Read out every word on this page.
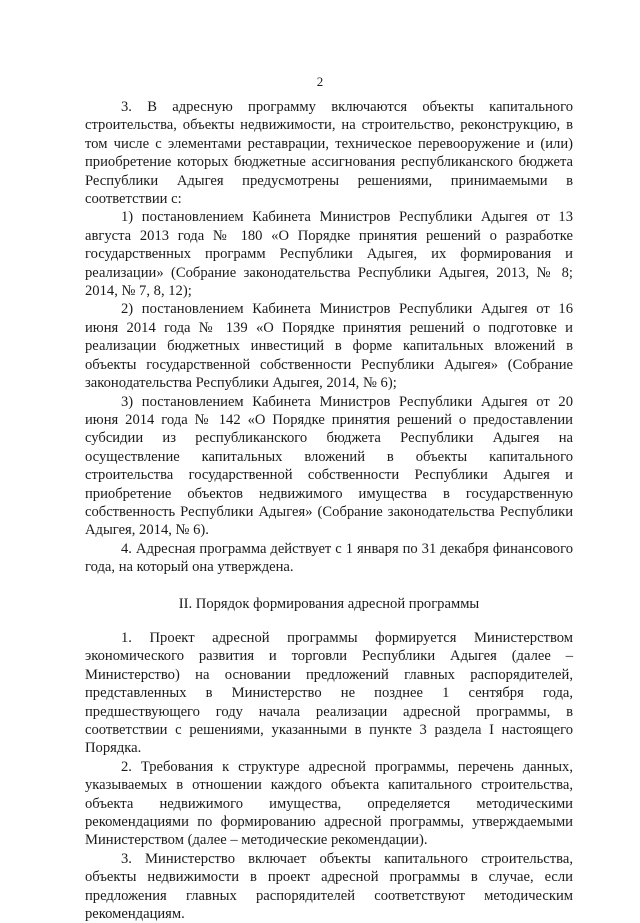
2

3. В адресную программу включаются объекты капитального строительства, объекты недвижимости, на строительство, реконструкцию, в том числе с элементами реставрации, техническое перевооружение и (или) приобретение которых бюджетные ассигнования республиканского бюджета Республики Адыгея предусмотрены решениями, принимаемыми в соответствии с:

1) постановлением Кабинета Министров Республики Адыгея от 13 августа 2013 года № 180 «О Порядке принятия решений о разработке государственных программ Республики Адыгея, их формирования и реализации» (Собрание законодательства Республики Адыгея, 2013, № 8; 2014, № 7, 8, 12);

2) постановлением Кабинета Министров Республики Адыгея от 16 июня 2014 года № 139 «О Порядке принятия решений о подготовке и реализации бюджетных инвестиций в форме капитальных вложений в объекты государственной собственности Республики Адыгея» (Собрание законодательства Республики Адыгея, 2014, № 6);

3) постановлением Кабинета Министров Республики Адыгея от 20 июня 2014 года № 142 «О Порядке принятия решений о предоставлении субсидии из республиканского бюджета Республики Адыгея на осуществление капитальных вложений в объекты капитального строительства государственной собственности Республики Адыгея и приобретение объектов недвижимого имущества в государственную собственность Республики Адыгея» (Собрание законодательства Республики Адыгея, 2014, № 6).

4. Адресная программа действует с 1 января по 31 декабря финансового года, на который она утверждена.

II. Порядок формирования адресной программы

1. Проект адресной программы формируется Министерством экономического развития и торговли Республики Адыгея (далее – Министерство) на основании предложений главных распорядителей, представленных в Министерство не позднее 1 сентября года, предшествующего году начала реализации адресной программы, в соответствии с решениями, указанными в пункте 3 раздела I настоящего Порядка.

2. Требования к структуре адресной программы, перечень данных, указываемых в отношении каждого объекта капитального строительства, объекта недвижимого имущества, определяется методическими рекомендациями по формированию адресной программы, утверждаемыми Министерством (далее – методические рекомендации).

3. Министерство включает объекты капитального строительства, объекты недвижимости в проект адресной программы в случае, если предложения главных распорядителей соответствуют методическим рекомендациям.
